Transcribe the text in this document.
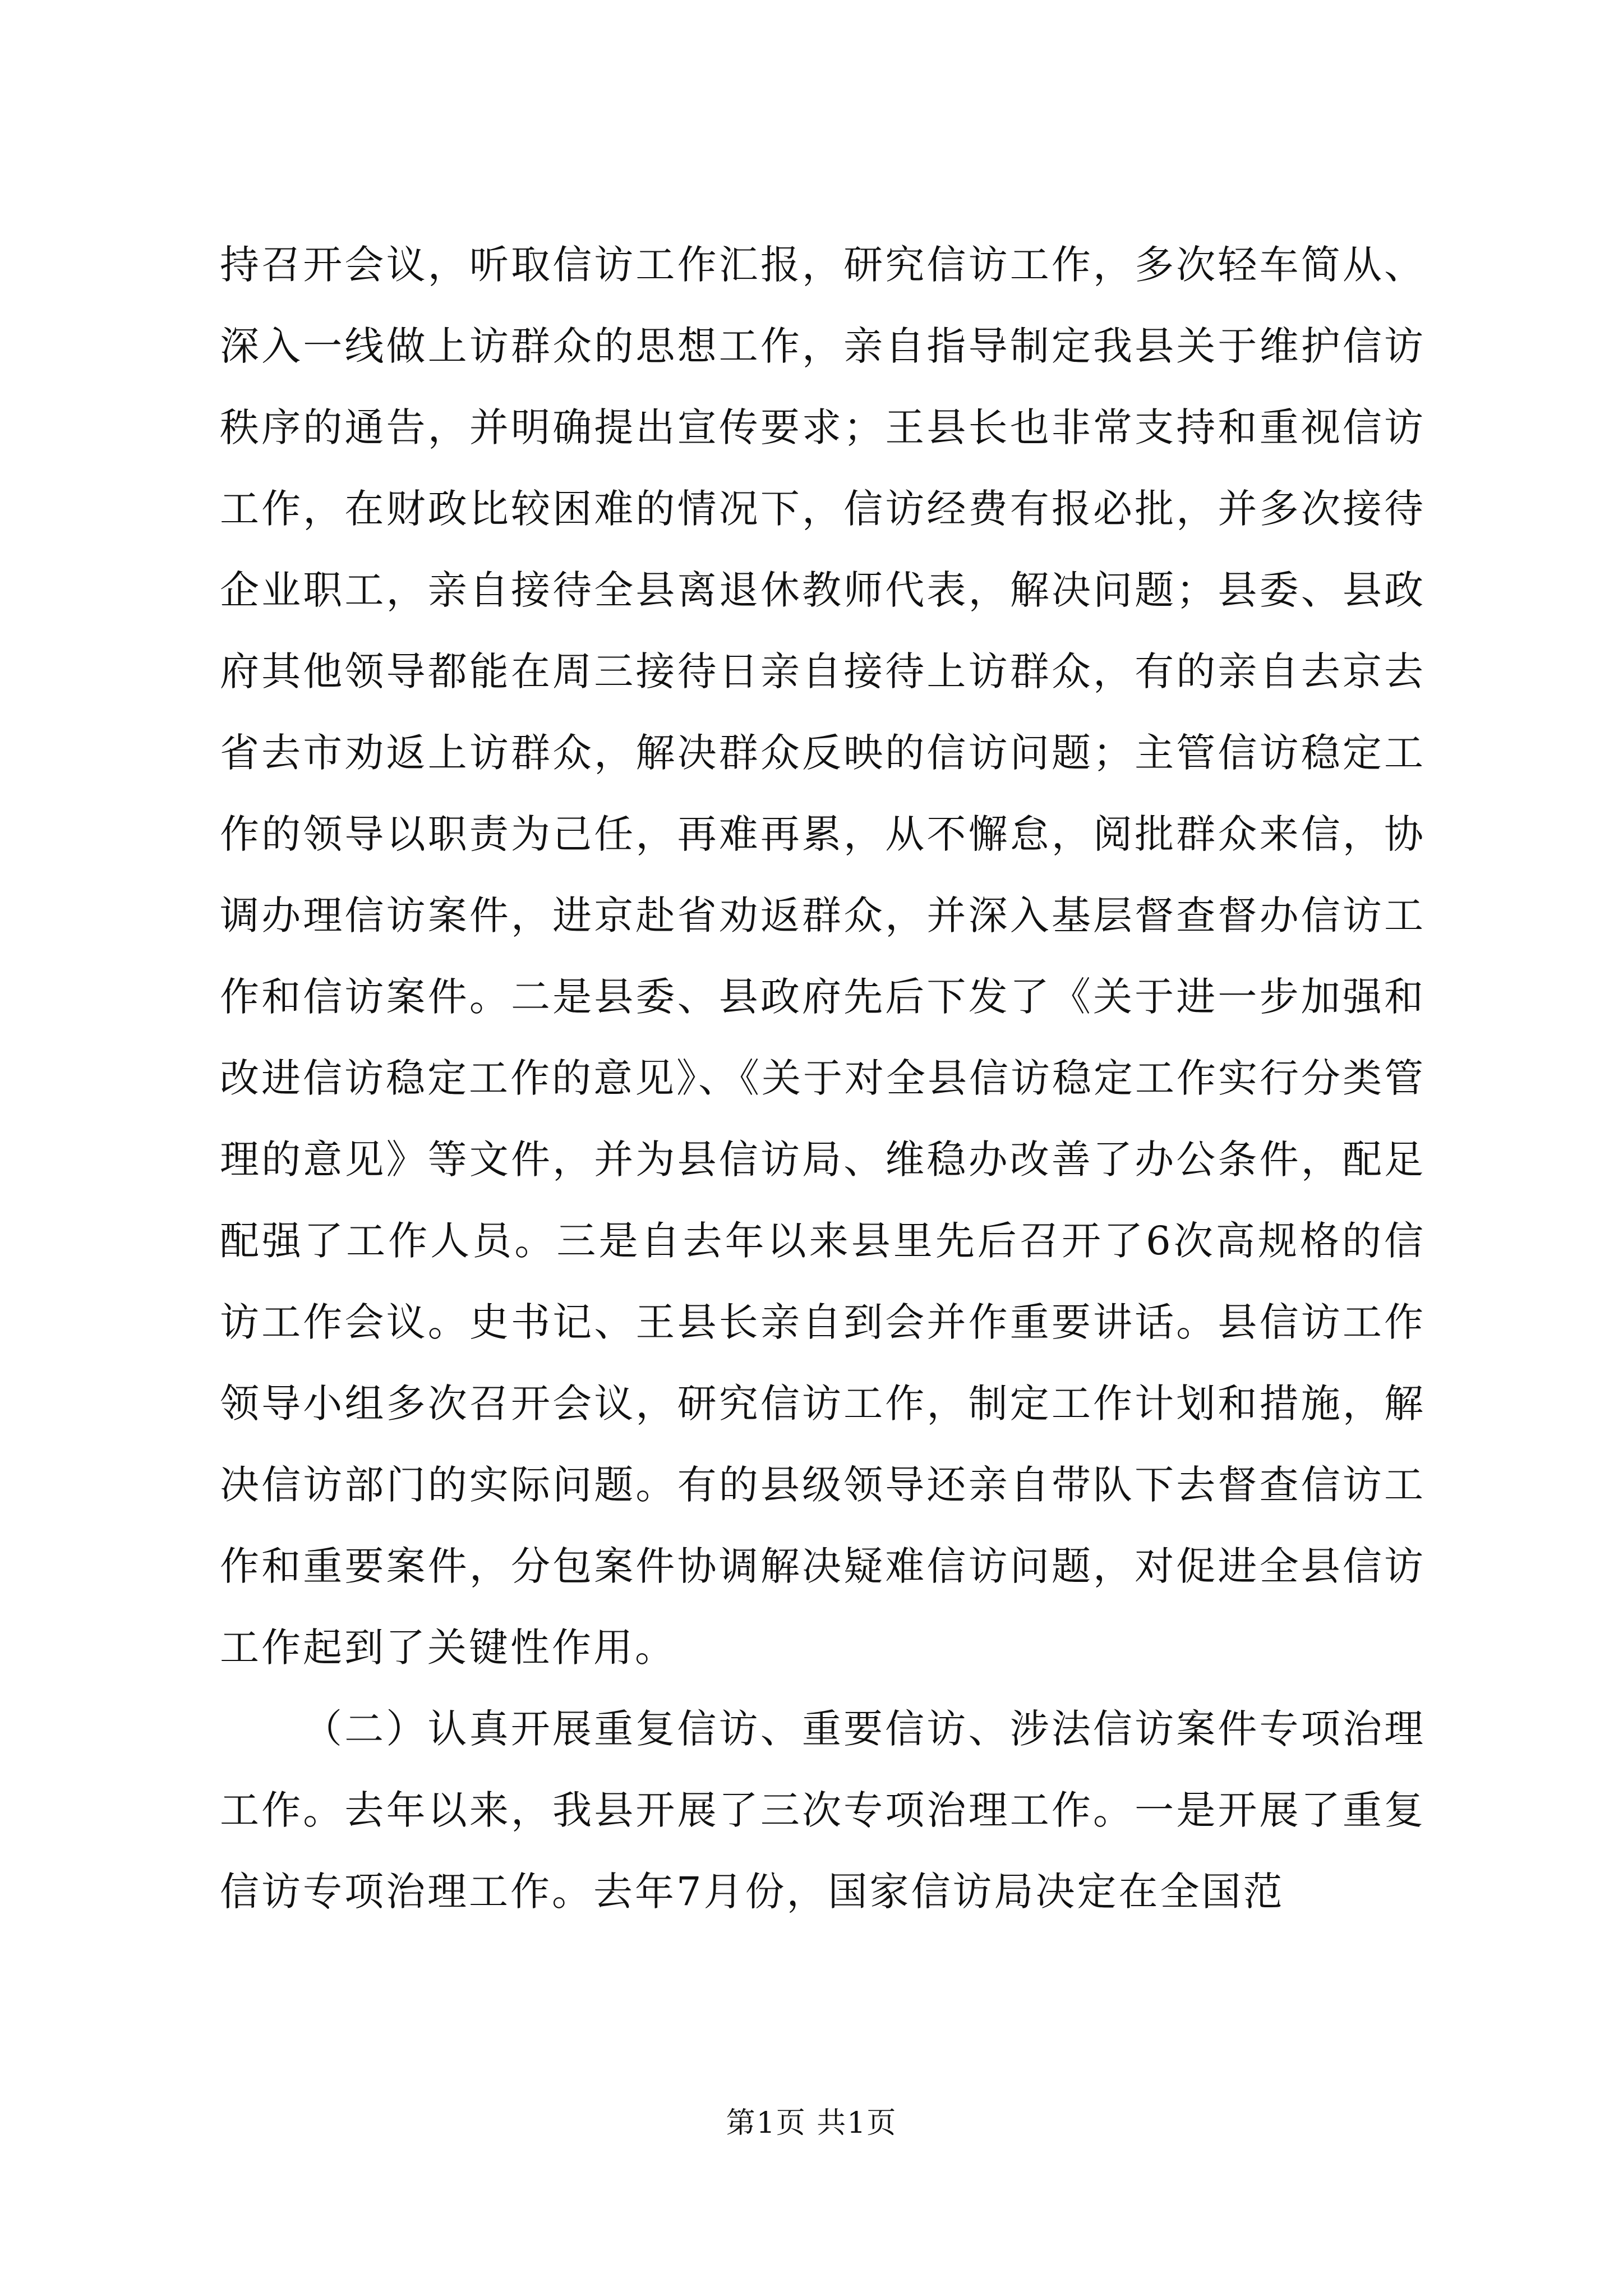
持召开会议，听取信访工作汇报，研究信访工作，多次轻车简从、深入一线做上访群众的思想工作，亲自指导制定我县关于维护信访秩序的通告，并明确提出宣传要求；王县长也非常支持和重视信访工作，在财政比较困难的情况下，信访经费有报必批，并多次接待企业职工，亲自接待全县离退休教师代表，解决问题；县委、县政府其他领导都能在周三接待日亲自接待上访群众，有的亲自去京去省去市劝返上访群众，解决群众反映的信访问题；主管信访稳定工作的领导以职责为己任，再难再累，从不懈怠，阅批群众来信，协调办理信访案件，进京赴省劝返群众，并深入基层督查督办信访工作和信访案件。二是县委、县政府先后下发了《关于进一步加强和改进信访稳定工作的意见》、《关于对全县信访稳定工作实行分类管理的意见》等文件，并为县信访局、维稳办改善了办公条件，配足配强了工作人员。三是自去年以来县里先后召开了6次高规格的信访工作会议。史书记、王县长亲自到会并作重要讲话。县信访工作领导小组多次召开会议，研究信访工作，制定工作计划和措施，解决信访部门的实际问题。有的县级领导还亲自带队下去督查信访工作和重要案件，分包案件协调解决疑难信访问题，对促进全县信访工作起到了关键性作用。

（二）认真开展重复信访、重要信访、涉法信访案件专项治理工作。去年以来，我县开展了三次专项治理工作。一是开展了重复信访专项治理工作。去年7月份，国家信访局决定在全国范

第1页 共1页
